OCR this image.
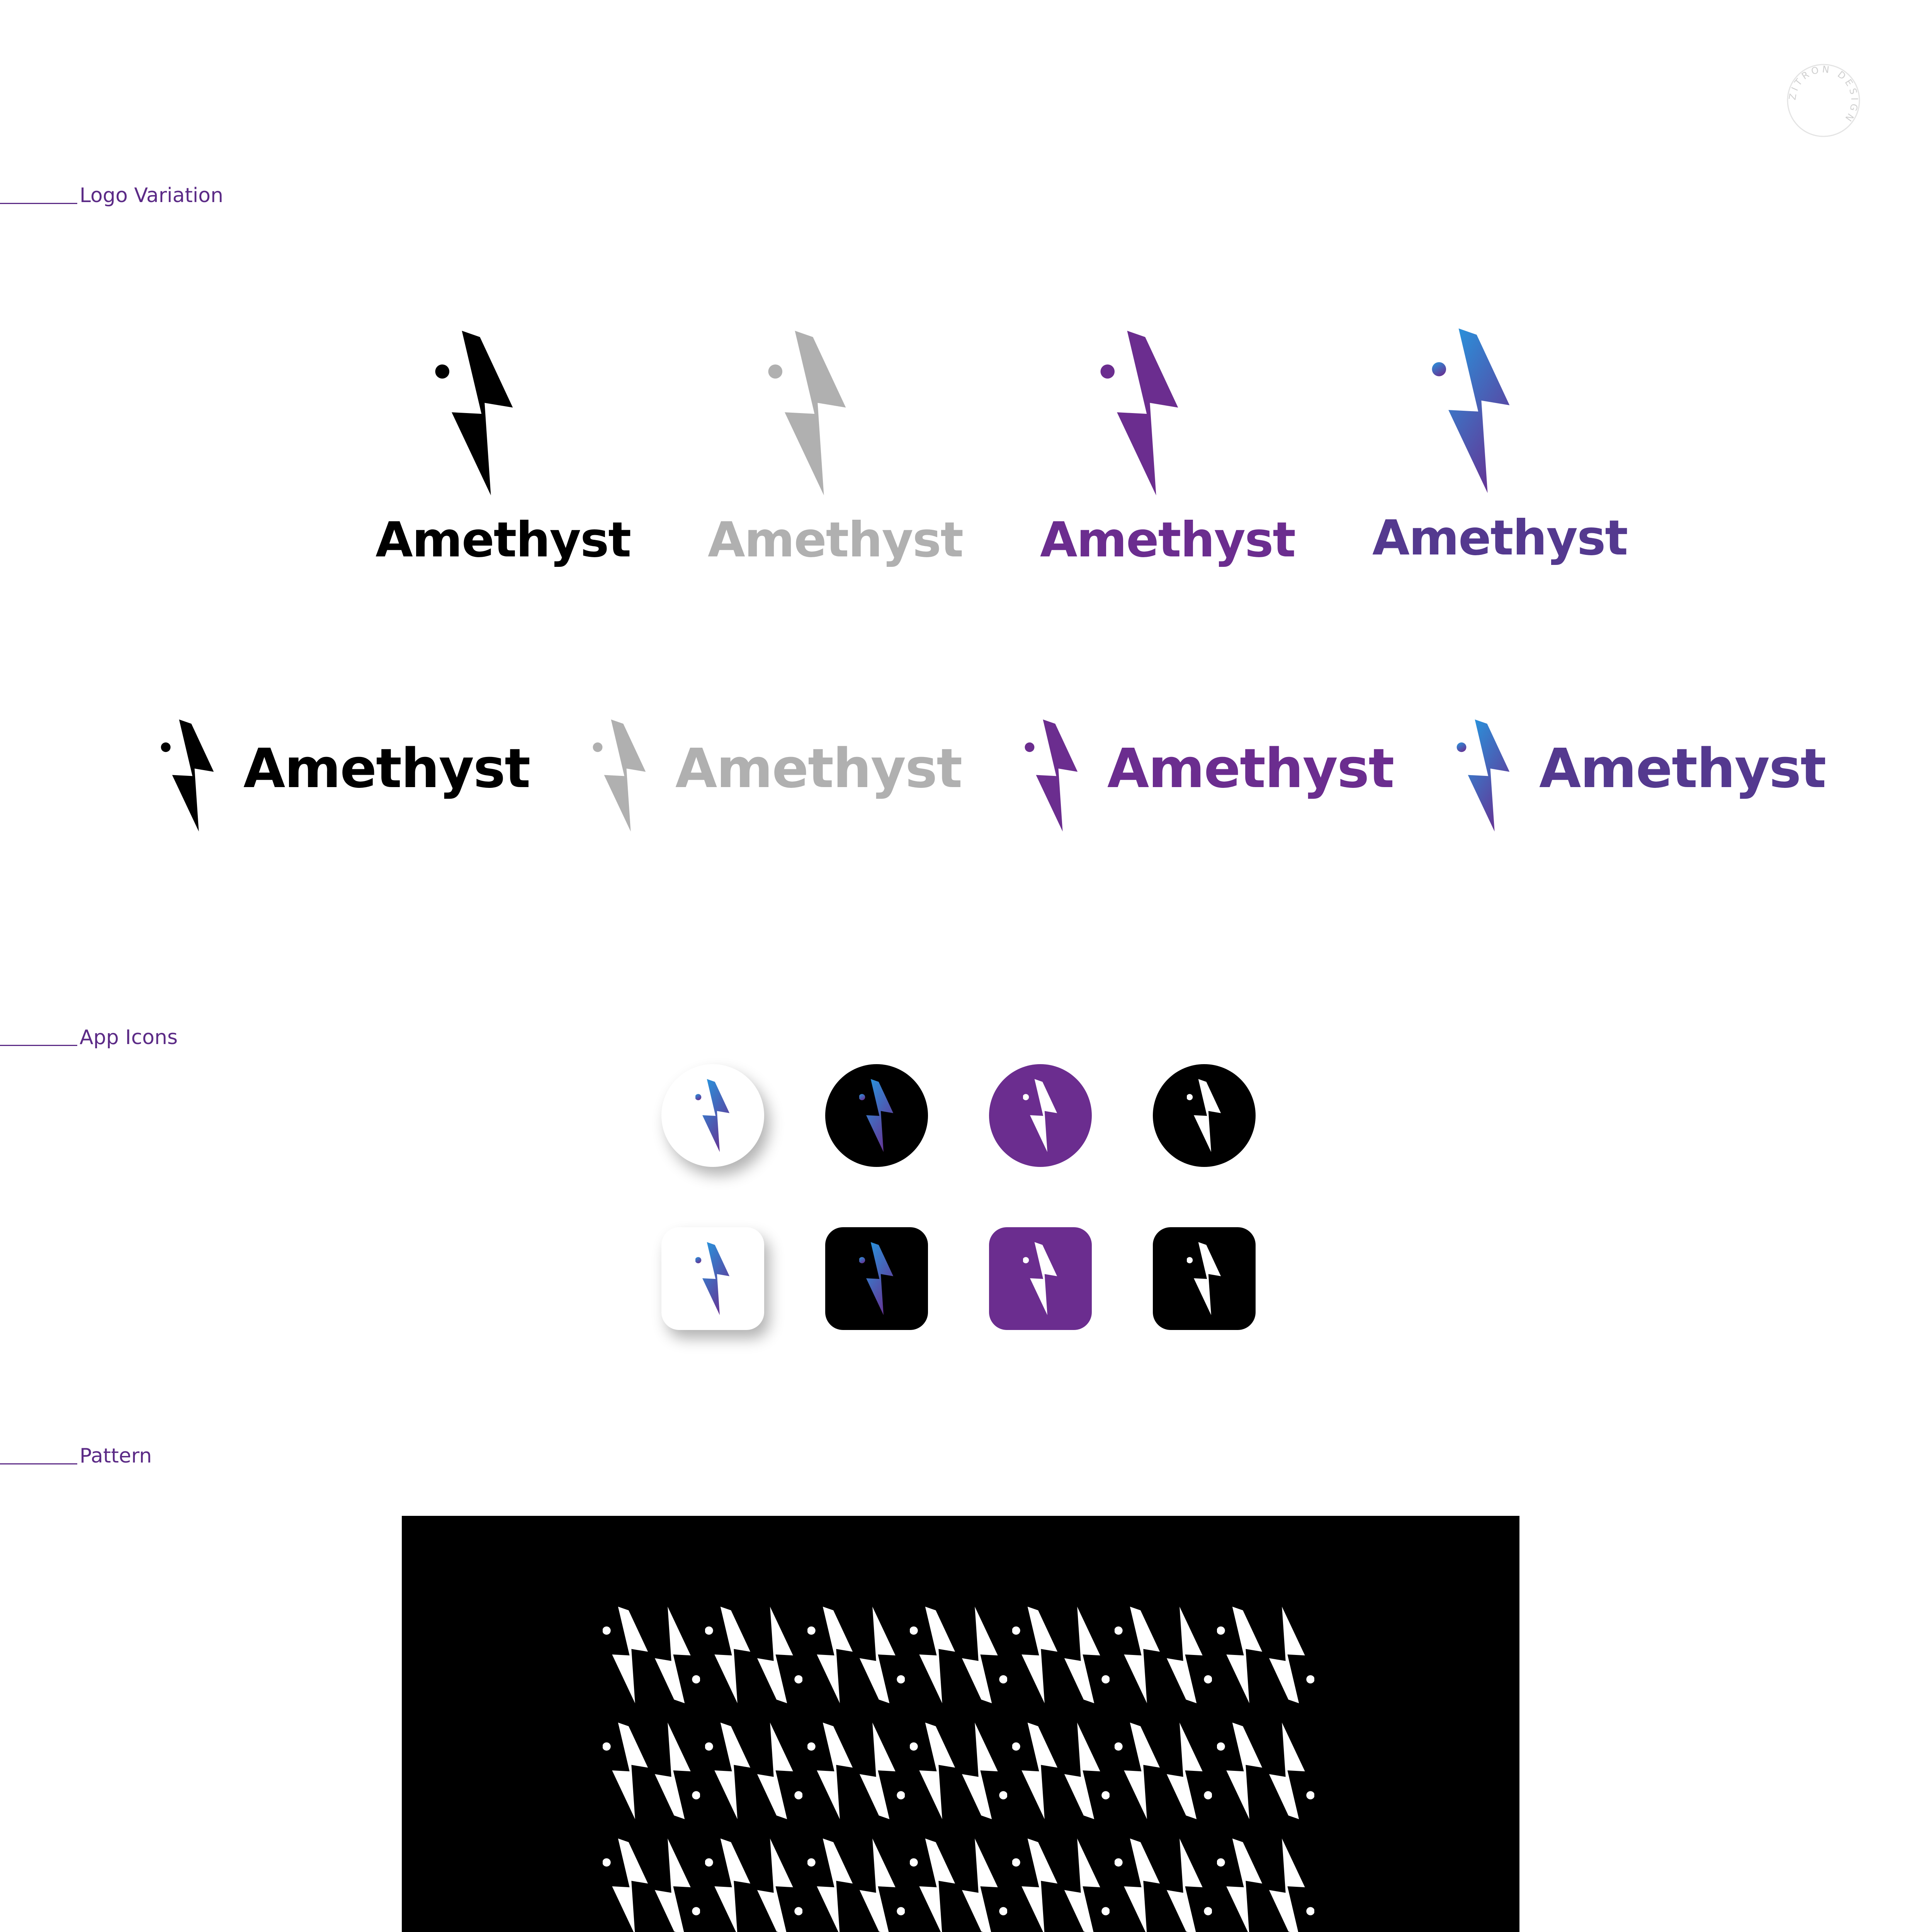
ZITRON DESIGN
Logo Variation
Amethyst Amethyst Amethyst Amethyst
Amethyst	Amethyst	Amethyst	Amethyst
App Icons
Pattern
